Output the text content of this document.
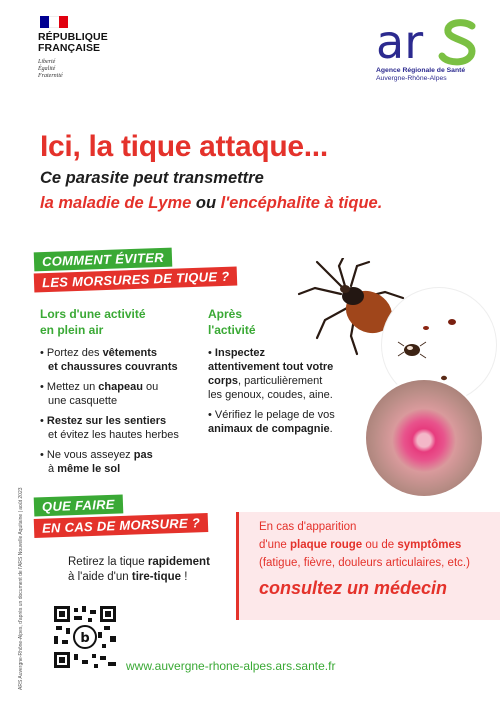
RÉPUBLIQUE
FRANÇAISE
Liberté
Égalité
Fraternité
ar
Agence Régionale de Santé
Auvergne-Rhône-Alpes
Ici, la tique attaque...
Ce parasite peut transmettre
la maladie de Lyme ou l'encéphalite à tique.
COMMENT ÉVITER
LES MORSURES DE TIQUE ?
Lors d'une activité
en plein air
• Portez des vêtements
et chaussures couvrants
• Mettez un chapeau ou
une casquette
• Restez sur les sentiers
et évitez les hautes herbes
• Ne vous asseyez pas
à même le sol
Après
l'activité
• Inspectez
attentivement tout votre
corps, particulièrement
les genoux, coudes, aine.
• Vérifiez le pelage de vos
animaux de compagnie.
QUE FAIRE
EN CAS DE MORSURE ?
Retirez la tique rapidement
à l'aide d'un tire-tique !
En cas d'apparition
d'une plaque rouge ou de symptômes
(fatigue, fièvre, douleurs articulaires, etc.)
consultez un médecin
b
www.auvergne-rhone-alpes.ars.sante.fr
ARS Auvergne-Rhône-Alpes, d'après un document de l'ARS Nouvelle Aquitaine | août 2023
